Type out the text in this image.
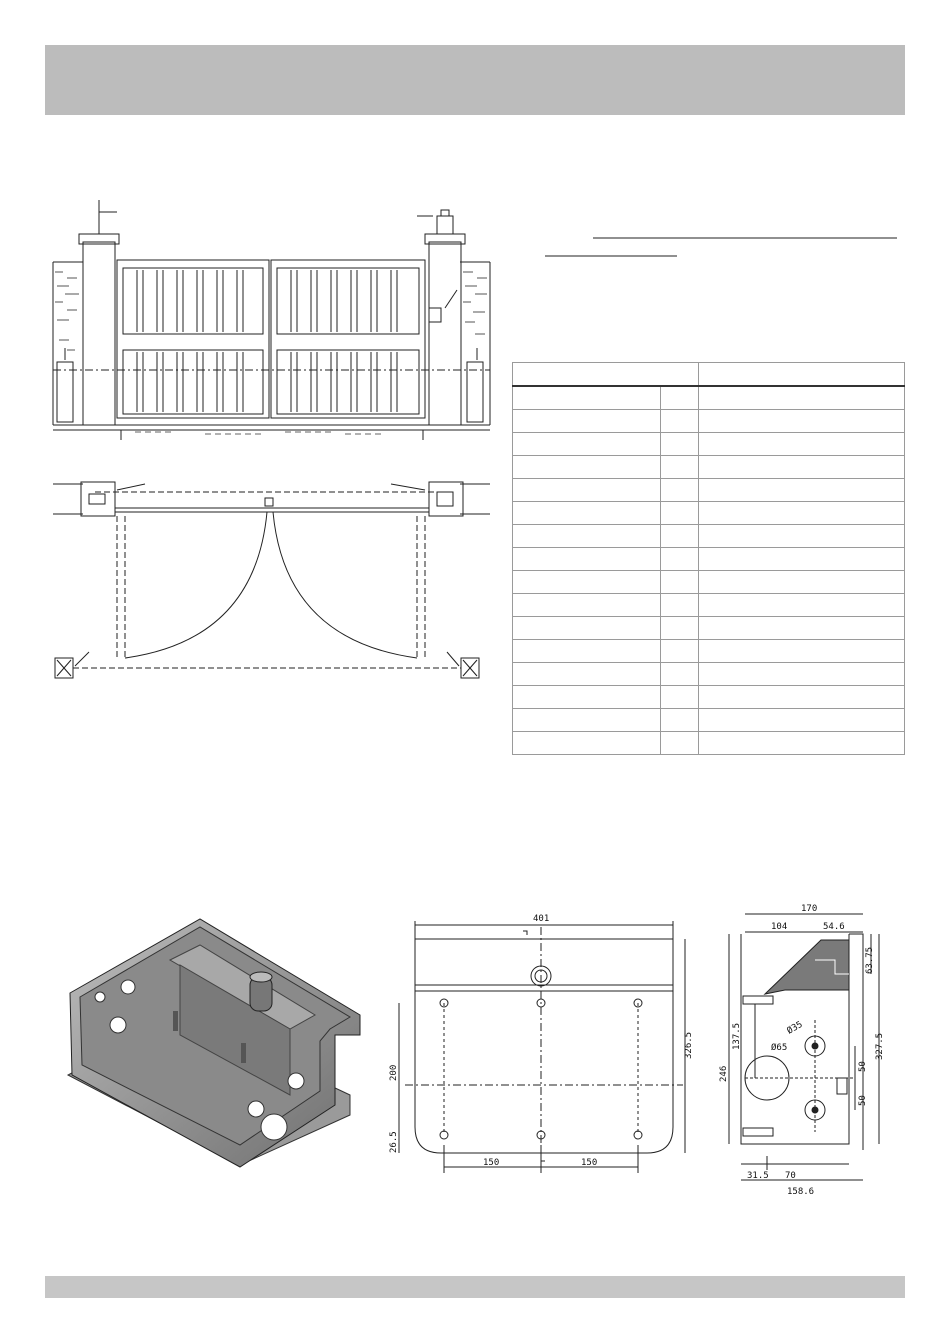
401
326.5
200
26.5
150	150
170
104	54.6
63.75
327.5
246
137.5	Ø35
Ø65
50
50
31.5 70
158.6
